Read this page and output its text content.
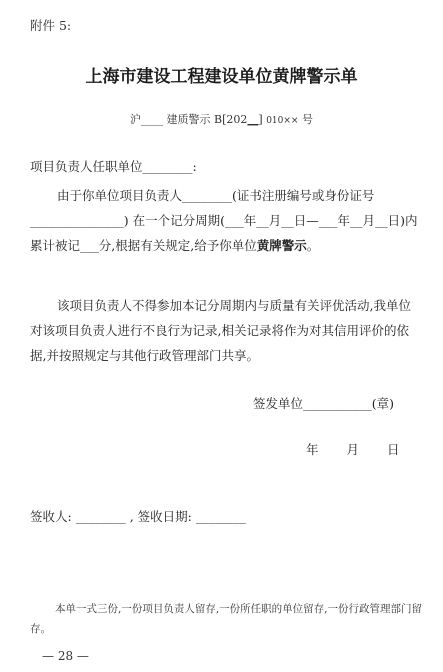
附件 5:
上海市建设工程建设单位黄牌警示单
沪____ 建质警示 B[202__] 010×× 号
项目负责人任职单位________:
由于你单位项目负责人________(证书注册编号或身份证号_______________) 在一个记分周期(___年__月__日—___年__月__日)内累计被记___分,根据有关规定,给予你单位黄牌警示。
该项目负责人不得参加本记分周期内与质量有关评优活动,我单位对该项目负责人进行不良行为记录,相关记录将作为对其信用评价的依据,并按照规定与其他行政管理部门共享。
签发单位___________(章)
年 月 日
签收人: ________ , 签收日期: ________
本单一式三份,一份项目负责人留存,一份所任职的单位留存,一份行政管理部门留存。
— 28 —
